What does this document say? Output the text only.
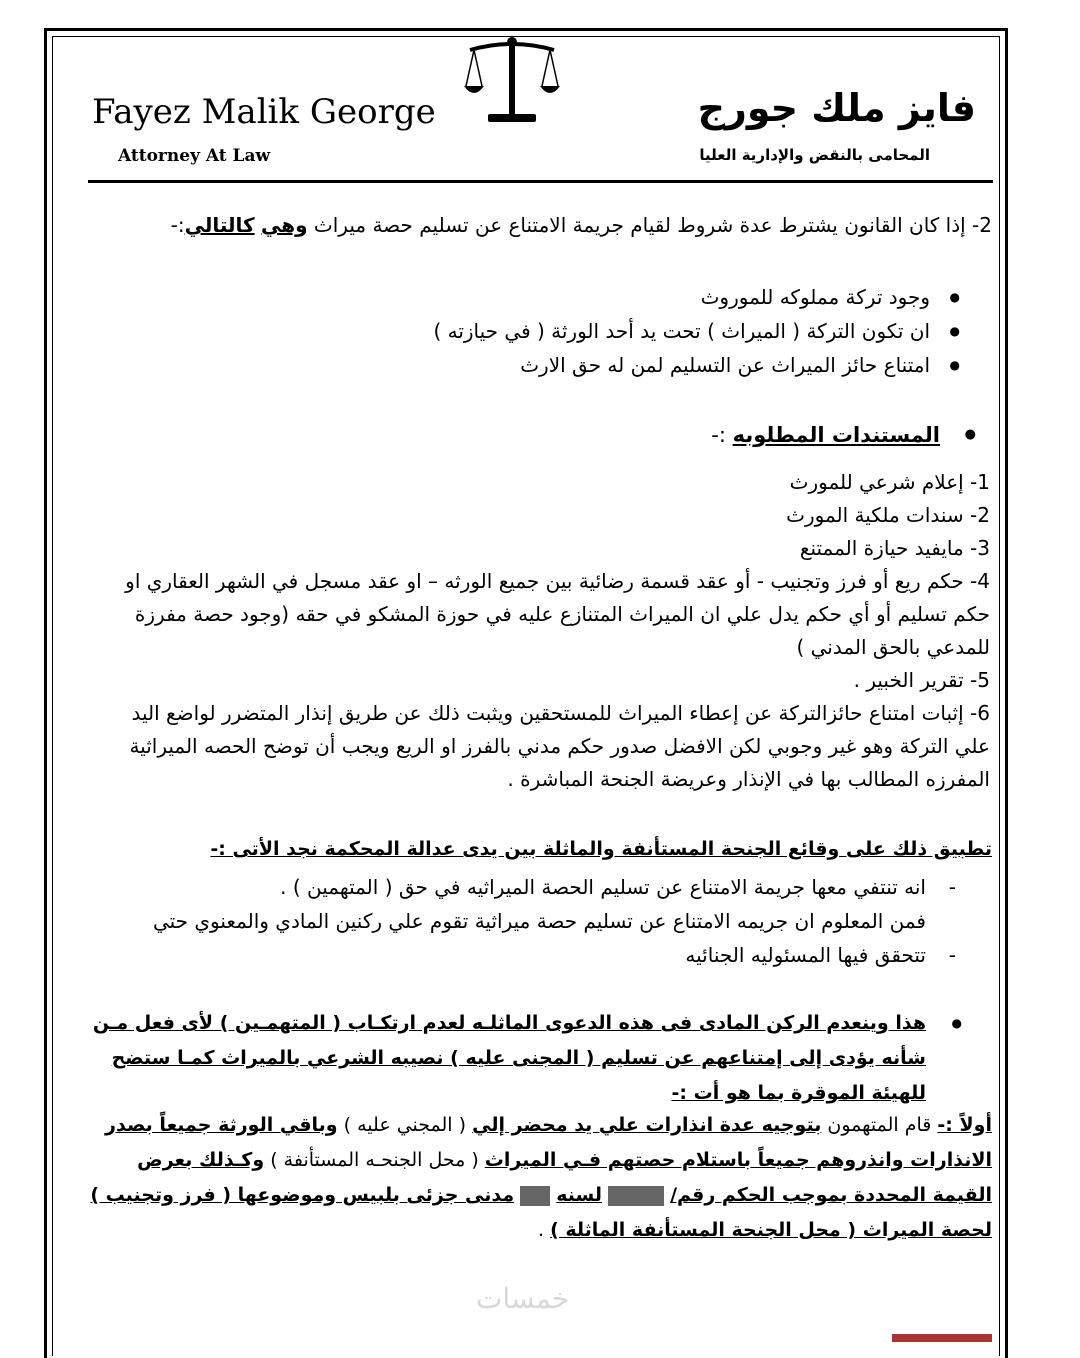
Fayez Malik George
Attorney At Law
فايز ملك جورج
المحامى بالنقض والإدارية العليا
2- إذا كان القانون يشترط عدة شروط لقيام جريمة الامتناع عن تسليم حصة ميراث وهي كالتالي:-
وجود تركة مملوكه للموروث ●
ان تكون التركة ( الميراث ) تحت يد أحد الورثة ( في حيازته ) ●
امتناع حائز الميراث عن التسليم لمن له حق الارث ●
●
المستندات المطلوبه :-
1- إعلام شرعي للمورث
2- سندات ملكية المورث
3- مايفيد حيازة الممتنع
4- حكم ريع أو فرز وتجنيب - أو عقد قسمة رضائية بين جميع الورثه – او عقد مسجل في الشهر العقاري او حكم تسليم أو أي حكم يدل علي ان الميراث المتنازع عليه في حوزة المشكو في حقه (وجود حصة مفرزة للمدعي بالحق المدني )
5- تقرير الخبير .
6- إثبات امتناع حائزالتركة عن إعطاء الميراث للمستحقين ويثبت ذلك عن طريق إنذار المتضرر لواضع اليد علي التركة وهو غير وجوبي لكن الافضل صدور حكم مدني بالفرز او الريع ويجب أن توضح الحصه الميراثية المفرزه المطالب بها في الإنذار وعريضة الجنحة المباشرة .
تطبيق ذلك على وقائع الجنحة المستأنفة والماثلة بين يدى عدالة المحكمة نجد الأتى :-
انه تنتفي معها جريمة الامتناع عن تسليم الحصة الميراثيه في حق ( المتهمين ) . -
فمن المعلوم ان جريمه الامتناع عن تسليم حصة ميراثية تقوم علي ركنين المادي والمعنوي حتي تتحقق فيها المسئوليه الجنائيه -
●
هذا وينعدم الركن المادى فى هذه الدعوى الماثلـه لعدم ارتكـاب ( المتهمـين ) لأى فعل مـن شأنه يؤدى إلى إمتناعهم عن تسليم ( المجنى عليه ) نصيبه الشرعي بالميراث كمـا ستضح للهيئة الموقرة بما هو أت :-
أولاً :- قام المتهمون بتوجيه عدة انذارات علي يد محضر إلي ( المجني عليه ) وباقي الورثة جميعاً بصدر الانذارات وانذروهم جميعاً باستلام حصتهم فـي الميراث ( محل الجنحـه المستأنفة ) وكـذلك بعرض القيمة المحددة بموجب الحكم رقم/  لسنه  مدنى جزئى بلبيس وموضوعها ( فرز وتجنيب ) لحصة الميراث ( محل الجنحة المستأنفة الماثلة ) .
خمسات
